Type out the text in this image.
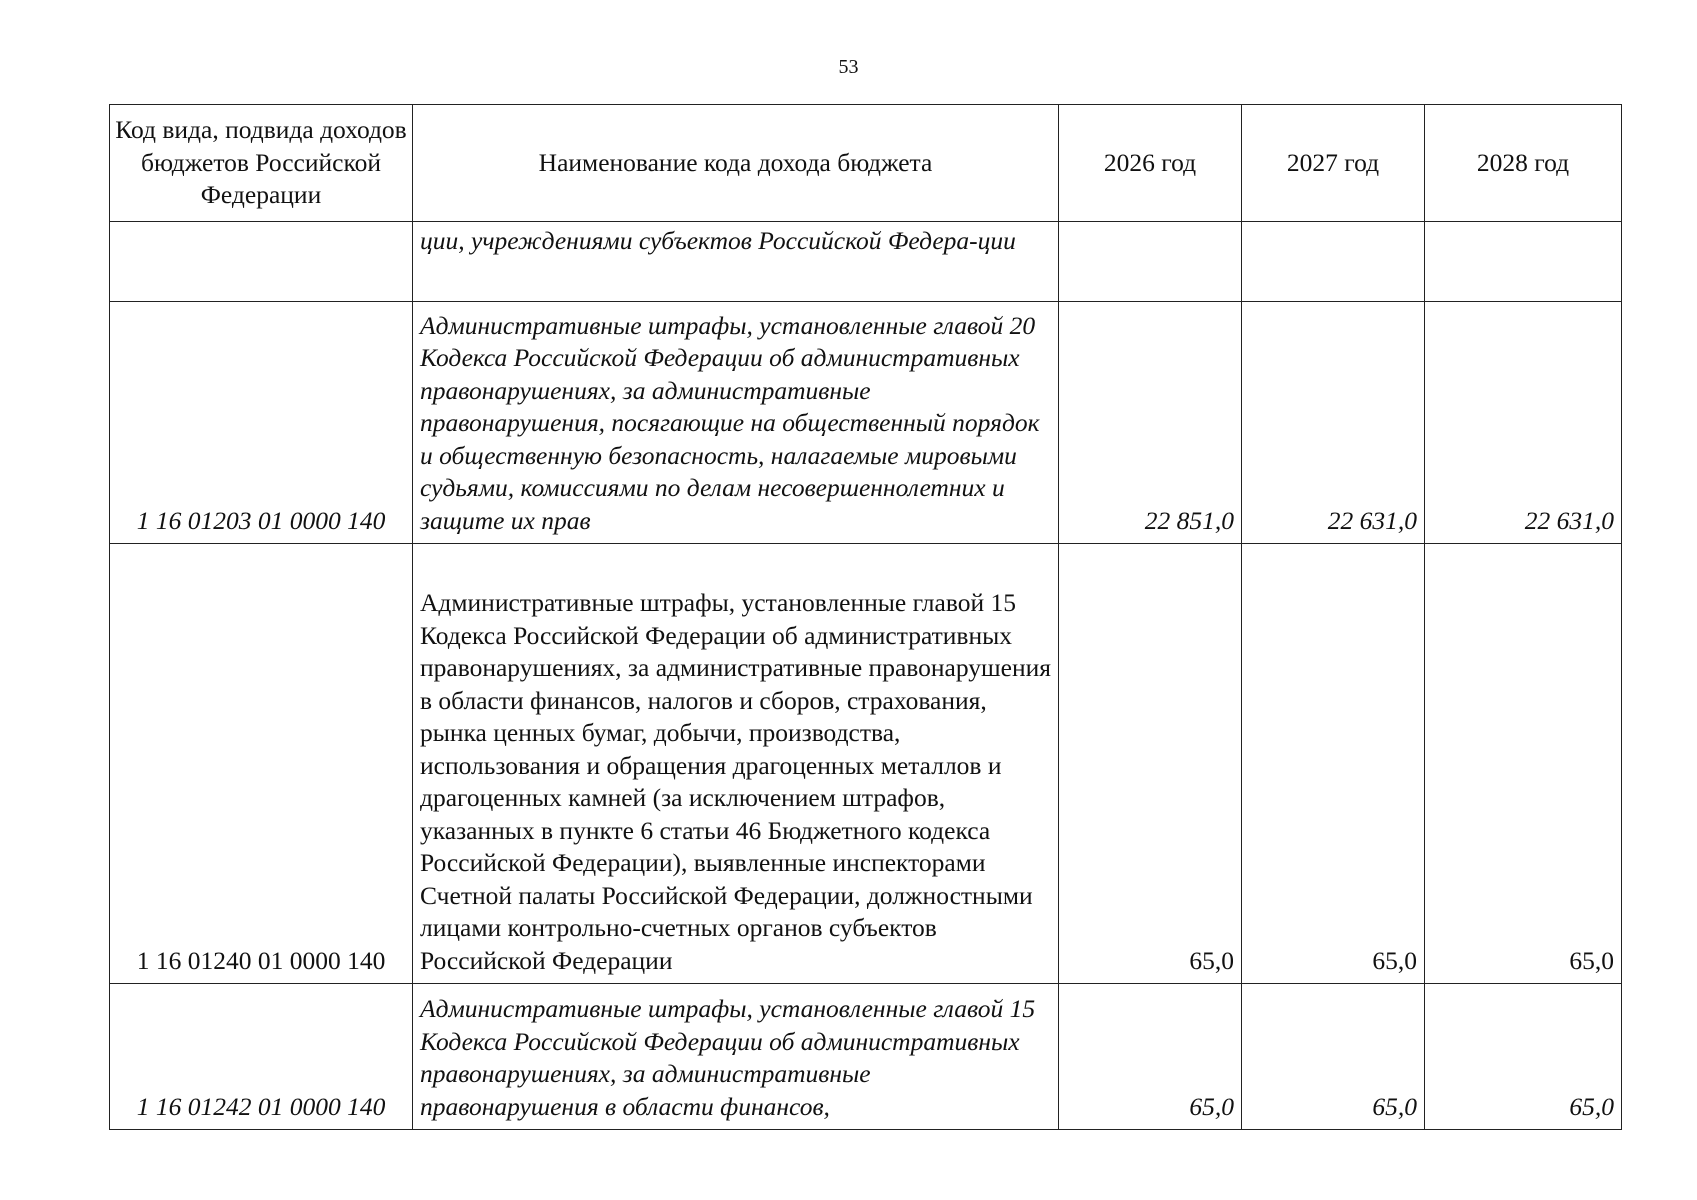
53
Код вида, подвида доходов бюджетов Российской Федерации	Наименование кода дохода бюджета	2026 год	2027 год	2028 год
	ции, учреждениями субъектов Российской Федера-ции			
1 16 01203 01 0000 140	Административные штрафы, установленные главой 20 Кодекса Российской Федерации об административных правонарушениях, за административные правонарушения, посягающие на общественный порядок и общественную безопасность, налагаемые мировыми судьями, комиссиями по делам несовершеннолетних и защите их прав	22 851,0	22 631,0	22 631,0
1 16 01240 01 0000 140	Административные штрафы, установленные главой 15 Кодекса Российской Федерации об административных правонарушениях, за административные правонарушения в области финансов, налогов и сборов, страхования, рынка ценных бумаг, добычи, производства, использования и обращения драгоценных металлов и драгоценных камней (за исключением штрафов, указанных в пункте 6 статьи 46 Бюджетного кодекса Российской Федерации), выявленные инспекторами Счетной палаты Российской Федерации, должностными лицами контрольно-счетных органов субъектов Российской Федерации	65,0	65,0	65,0
1 16 01242 01 0000 140	Административные штрафы, установленные главой 15 Кодекса Российской Федерации об административных правонарушениях, за административные правонарушения в области финансов,	65,0	65,0	65,0
